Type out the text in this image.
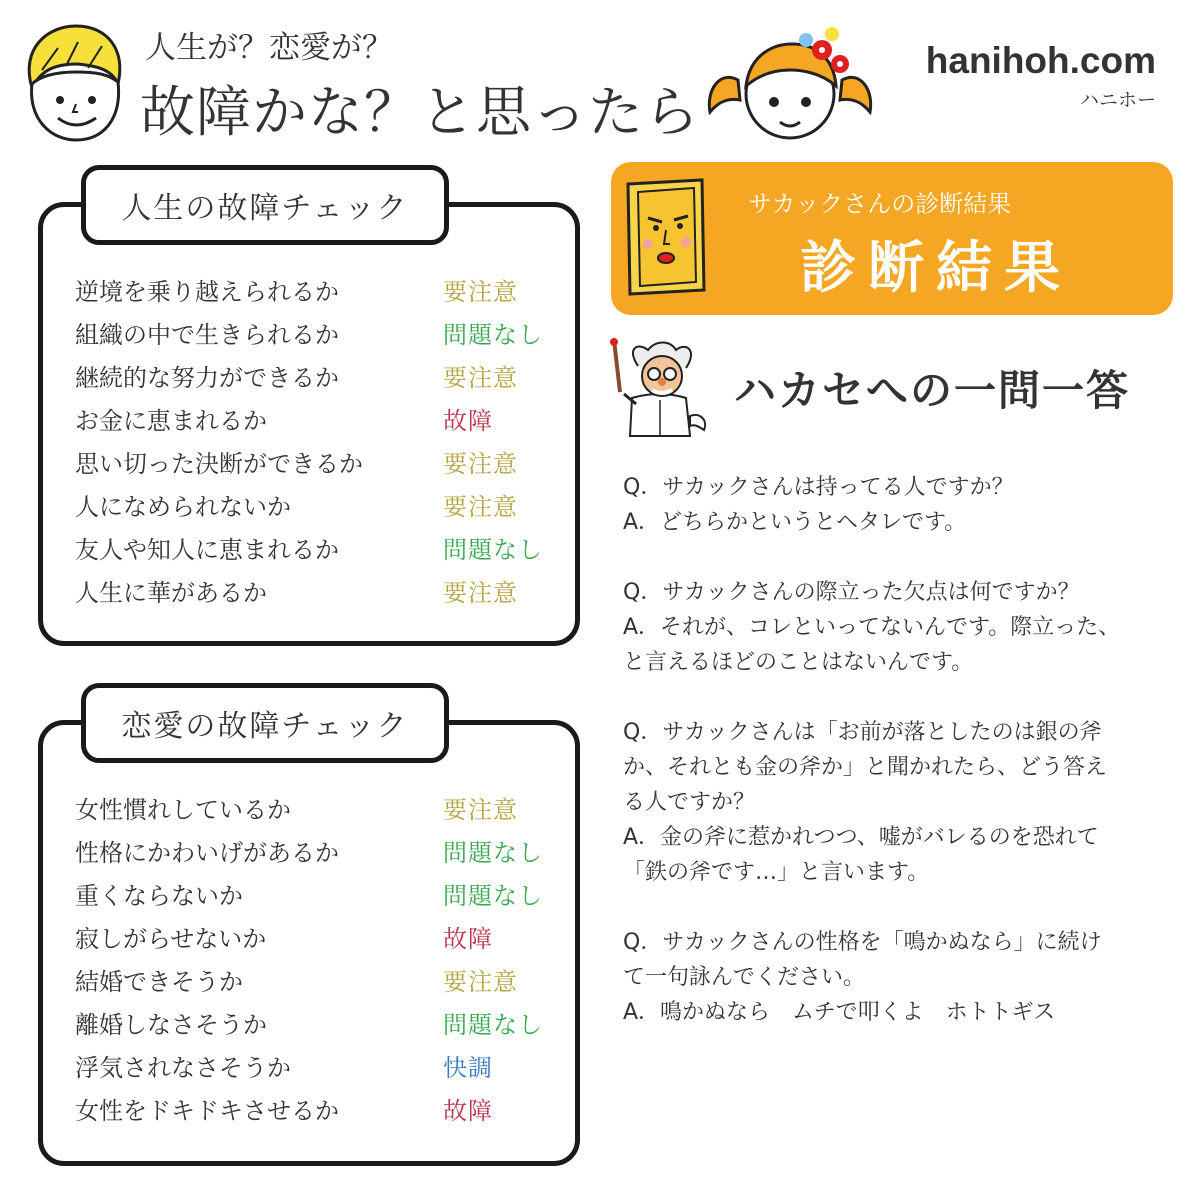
人生が？恋愛が？
故障かな？と思ったら
hanihoh.com
ハニホー
人生の故障チェック
逆境を乗り越えられるか	要注意
組織の中で生きられるか	問題なし
継続的な努力ができるか	要注意
お金に恵まれるか	故障
思い切った決断ができるか	要注意
人になめられないか	要注意
友人や知人に恵まれるか	問題なし
人生に華があるか	要注意
恋愛の故障チェック
女性慣れしているか	要注意
性格にかわいげがあるか	問題なし
重くならないか	問題なし
寂しがらせないか	故障
結婚できそうか	要注意
離婚しなさそうか	問題なし
浮気されなさそうか	快調
女性をドキドキさせるか	故障
サカックさんの診断結果
診断結果
ハカセへの一問一答
Q．サカックさんは持ってる人ですか？
A．どちらかというとヘタレです。
Q．サカックさんの際立った欠点は何ですか？
A．それが、コレといってないんです。際立った、
と言えるほどのことはないんです。
Q．サカックさんは「お前が落としたのは銀の斧
か、それとも金の斧か」と聞かれたら、どう答え
る人ですか？
A．金の斧に惹かれつつ、嘘がバレるのを恐れて
「鉄の斧です…」と言います。
Q．サカックさんの性格を「鳴かぬなら」に続け
て一句詠んでください。
A．鳴かぬなら　ムチで叩くよ　ホトトギス
